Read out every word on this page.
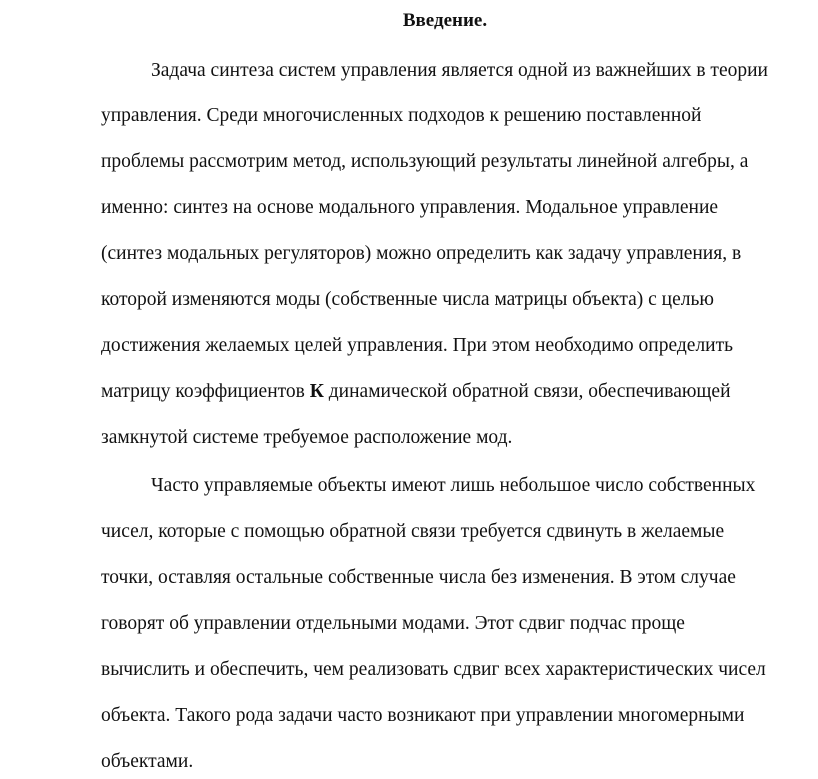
Введение.
Задача синтеза систем управления является одной из важнейших в теории
управления. Среди многочисленных подходов к решению поставленной
проблемы рассмотрим метод, использующий результаты линейной алгебры, а
именно: синтез на основе модального управления. Модальное управление
(синтез модальных регуляторов) можно определить как задачу управления, в
которой изменяются моды (собственные числа матрицы объекта) с целью
достижения желаемых целей управления. При этом необходимо определить
матрицу коэффициентов К динамической обратной связи, обеспечивающей
замкнутой системе требуемое расположение мод.
Часто управляемые объекты имеют лишь небольшое число собственных
чисел, которые с помощью обратной связи требуется сдвинуть в желаемые
точки, оставляя остальные собственные числа без изменения. В этом случае
говорят об управлении отдельными модами. Этот сдвиг подчас проще
вычислить и обеспечить, чем реализовать сдвиг всех характеристических чисел
объекта. Такого рода задачи часто возникают при управлении многомерными
объектами.
